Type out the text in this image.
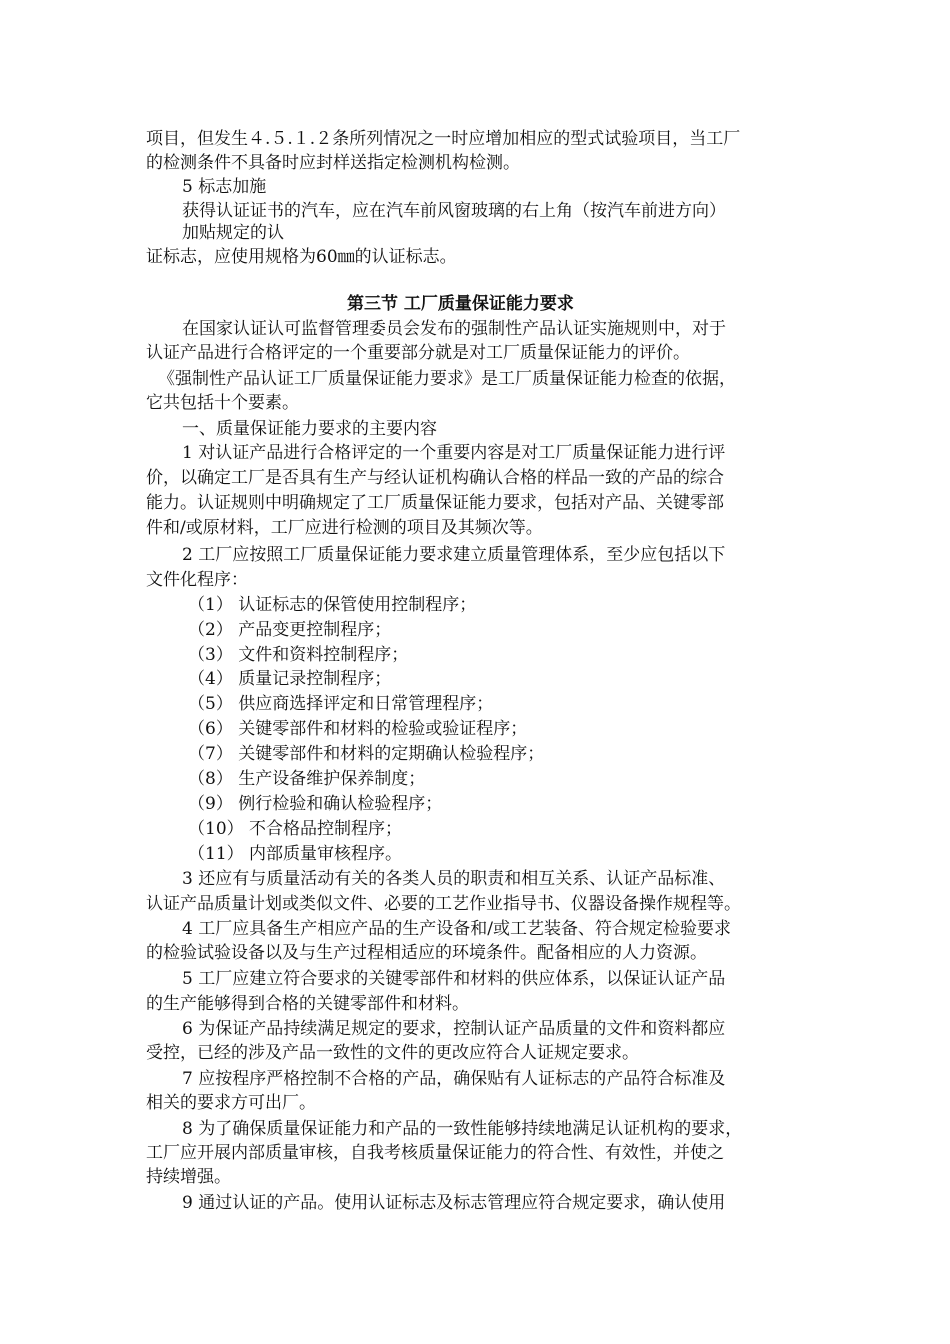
项目，但发生４.５.１.２条所列情况之一时应增加相应的型式试验项目，当工厂
的检测条件不具备时应封样送指定检测机构检测。
5 标志加施
获得认证证书的汽车，应在汽车前风窗玻璃的右上角（按汽车前进方向）
加贴规定的认
证标志，应使用规格为60㎜的认证标志。
第三节 工厂质量保证能力要求
在国家认证认可监督管理委员会发布的强制性产品认证实施规则中，对于
认证产品进行合格评定的一个重要部分就是对工厂质量保证能力的评价。
《强制性产品认证工厂质量保证能力要求》是工厂质量保证能力检查的依据，
它共包括十个要素。
一、质量保证能力要求的主要内容
1 对认证产品进行合格评定的一个重要内容是对工厂质量保证能力进行评
价，以确定工厂是否具有生产与经认证机构确认合格的样品一致的产品的综合
能力。认证规则中明确规定了工厂质量保证能力要求，包括对产品、关键零部
件和/或原材料，工厂应进行检测的项目及其频次等。
2 工厂应按照工厂质量保证能力要求建立质量管理体系，至少应包括以下
文件化程序：
（1） 认证标志的保管使用控制程序；
（2） 产品变更控制程序；
（3） 文件和资料控制程序；
（4） 质量记录控制程序；
（5） 供应商选择评定和日常管理程序；
（6） 关键零部件和材料的检验或验证程序；
（7） 关键零部件和材料的定期确认检验程序；
（8） 生产设备维护保养制度；
（9） 例行检验和确认检验程序；
（10） 不合格品控制程序；
（11） 内部质量审核程序。
3 还应有与质量活动有关的各类人员的职责和相互关系、认证产品标准、
认证产品质量计划或类似文件、必要的工艺作业指导书、仪器设备操作规程等。
4 工厂应具备生产相应产品的生产设备和/或工艺装备、符合规定检验要求
的检验试验设备以及与生产过程相适应的环境条件。配备相应的人力资源。
5 工厂应建立符合要求的关键零部件和材料的供应体系，以保证认证产品
的生产能够得到合格的关键零部件和材料。
6 为保证产品持续满足规定的要求，控制认证产品质量的文件和资料都应
受控，已经的涉及产品一致性的文件的更改应符合人证规定要求。
7 应按程序严格控制不合格的产品，确保贴有人证标志的产品符合标准及
相关的要求方可出厂。
8 为了确保质量保证能力和产品的一致性能够持续地满足认证机构的要求，
工厂应开展内部质量审核，自我考核质量保证能力的符合性、有效性，并使之
持续增强。
9 通过认证的产品。使用认证标志及标志管理应符合规定要求，确认使用
